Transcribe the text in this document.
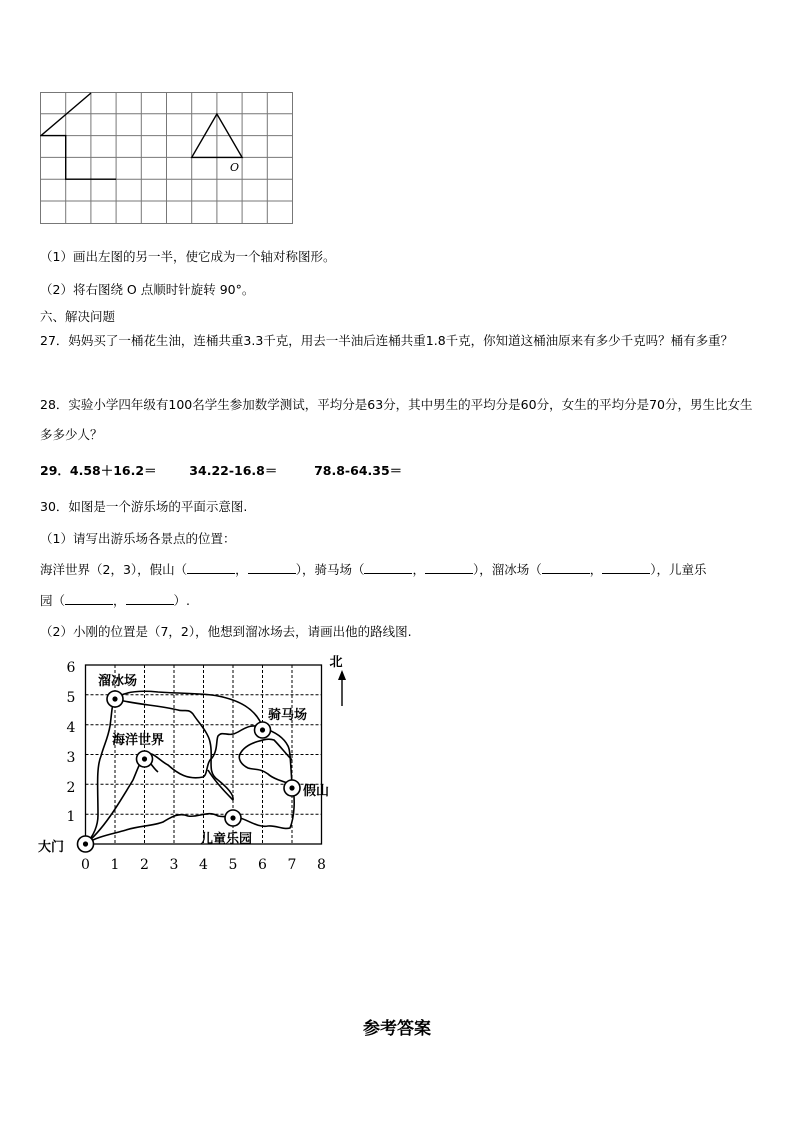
O
（1）画出左图的另一半，使它成为一个轴对称图形。
（2）将右图绕 O 点顺时针旋转 90°。
六、解决问题
27．妈妈买了一桶花生油，连桶共重3.3千克，用去一半油后连桶共重1.8千克，你知道这桶油原来有多少千克吗？桶有多重？
28．实验小学四年级有100名学生参加数学测试，平均分是63分，其中男生的平均分是60分，女生的平均分是70分，男生比女生多多少人？
29．4.58＋16.2＝	34.22-16.8＝	78.8-64.35＝
30．如图是一个游乐场的平面示意图.
（1）请写出游乐场各景点的位置：
海洋世界（2，3），假山（	，	），骑马场（	，	），溜冰场（	，	），儿童乐
园（	，	）.
（2）小刚的位置是（7，2），他想到溜冰场去，请画出他的路线图.
6
5
4
3
2
1
0 1 2 3 4 5 6 7 8
北
溜冰场
骑马场
海洋世界
假山
儿童乐园
大门
参考答案
